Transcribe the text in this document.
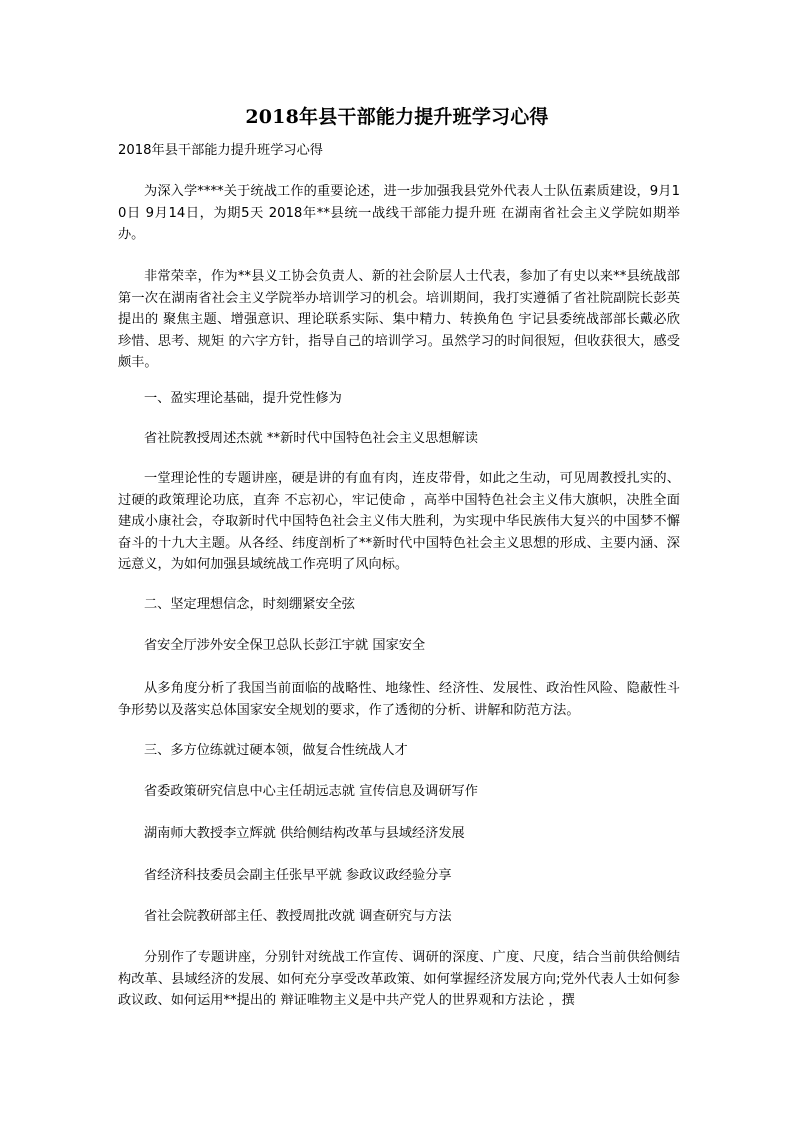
2018年县干部能力提升班学习心得
2018年县干部能力提升班学习心得
为深入学****关于统战工作的重要论述，进一步加强我县党外代表人士队伍素质建设，9月10日 9月14日，为期5天 2018年**县统一战线干部能力提升班 在湖南省社会主义学院如期举办。
非常荣幸，作为**县义工协会负责人、新的社会阶层人士代表，参加了有史以来**县统战部第一次在湖南省社会主义学院举办培训学习的机会。培训期间，我打实遵循了省社院副院长彭英提出的 聚焦主题、增强意识、理论联系实际、集中精力、转换角色 宇记县委统战部部长戴必欣 珍惜、思考、规矩 的六字方针，指导自己的培训学习。虽然学习的时间很短，但收获很大，感受颇丰。
一、盈实理论基础，提升党性修为
省社院教授周述杰就 **新时代中国特色社会主义思想解读
一堂理论性的专题讲座，硬是讲的有血有肉，连皮带骨，如此之生动，可见周教授扎实的、过硬的政策理论功底，直奔 不忘初心，牢记使命 ，高举中国特色社会主义伟大旗帜，决胜全面建成小康社会，夺取新时代中国特色社会主义伟大胜利，为实现中华民族伟大复兴的中国梦不懈奋斗的十九大主题。从各经、纬度剖析了**新时代中国特色社会主义思想的形成、主要内涵、深远意义，为如何加强县域统战工作亮明了风向标。
二、坚定理想信念，时刻绷紧安全弦
省安全厅涉外安全保卫总队长彭江宇就 国家安全
从多角度分析了我国当前面临的战略性、地缘性、经济性、发展性、政治性风险、隐蔽性斗争形势以及落实总体国家安全规划的要求，作了透彻的分析、讲解和防范方法。
三、多方位练就过硬本领，做复合性统战人才
省委政策研究信息中心主任胡远志就 宣传信息及调研写作
湖南师大教授李立辉就 供给侧结构改革与县域经济发展
省经济科技委员会副主任张早平就 参政议政经验分享
省社会院教研部主任、教授周批改就 调查研究与方法
分别作了专题讲座，分别针对统战工作宣传、调研的深度、广度、尺度，结合当前供给侧结构改革、县域经济的发展、如何充分享受改革政策、如何掌握经济发展方向;党外代表人士如何参政议政、如何运用**提出的 辩证唯物主义是中共产党人的世界观和方法论 ，撰
